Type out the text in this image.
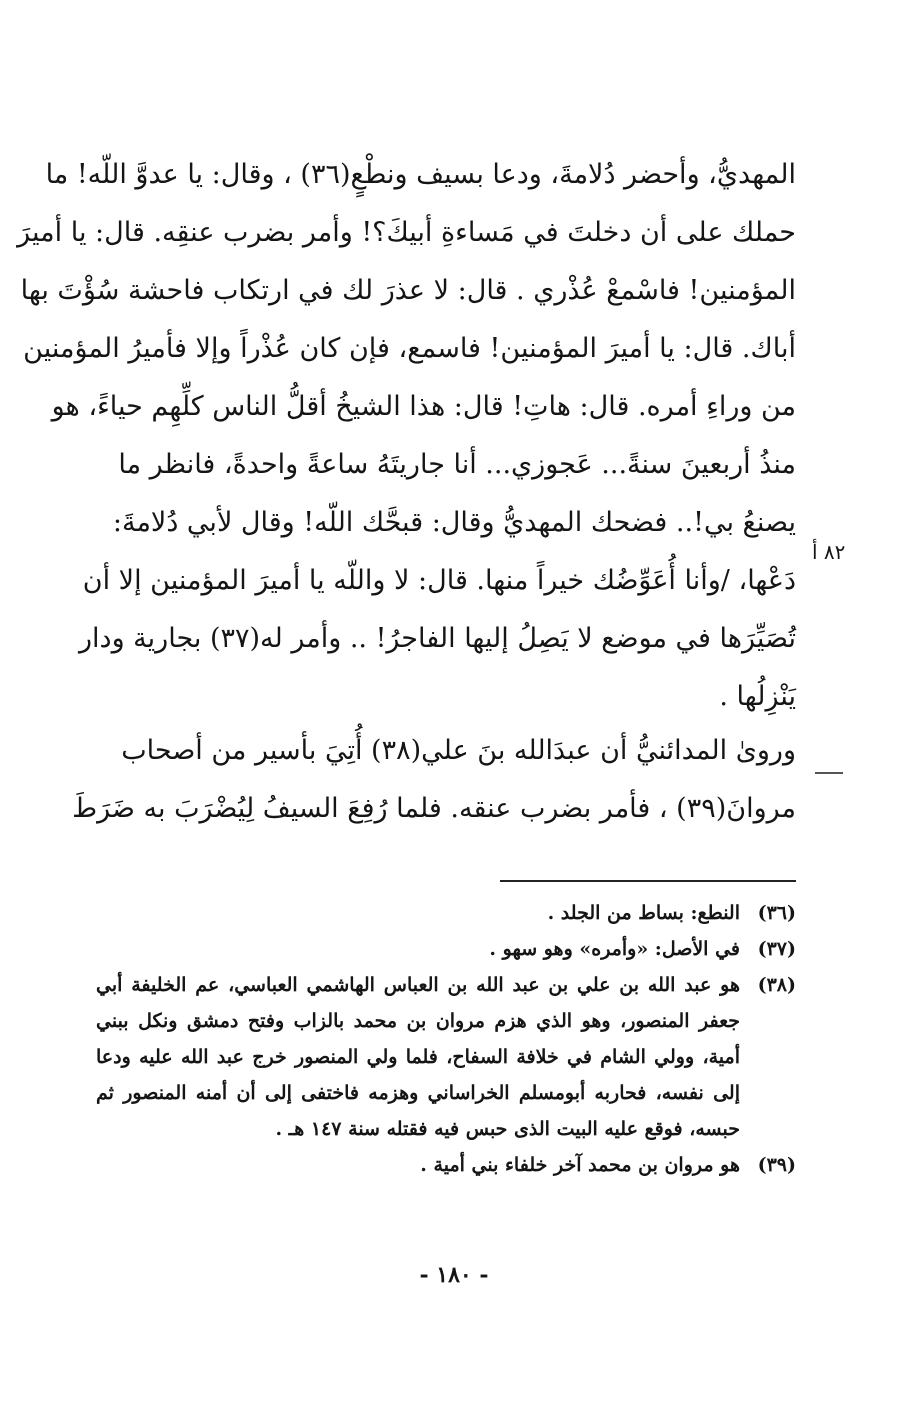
المهديُّ، وأحضر دُلامةَ، ودعا بسيف ونطْعٍ(٣٦) ، وقال: يا عدوَّ اللّه! ما
حملك على أن دخلتَ في مَساءةِ أبيكَ؟! وأمر بضرب عنقِه. قال: يا أميرَ
المؤمنين! فاسْمعْ عُذْري . قال: لا عذرَ لك في ارتكاب فاحشة سُؤْتَ بها
أباك. قال: يا أميرَ المؤمنين! فاسمع، فإن كان عُذْراً وإلا فأميرُ المؤمنين
من وراءِ أمره. قال: هاتِ! قال: هذا الشيخُ أقلُّ الناس كلِّهِم حياءً، هو
منذُ أربعينَ سنةً... عَجوزي... أنا جاريتَهُ ساعةً واحدةً، فانظر ما
يصنعُ بي!.. فضحك المهديُّ وقال: قبحَّك اللّه! وقال لأبي دُلامةَ:
دَعْها، /وأنا أُعَوِّضُك خيراً منها. قال: لا واللّه يا أميرَ المؤمنين إلا أن
تُصَيِّرَها في موضع لا يَصِلُ إليها الفاجرُ! .. وأمر له(٣٧) بجارية ودار
يَنْزِلُها .
٨٢ أ
وروىٰ المدائنيُّ أن عبدَالله بنَ علي(٣٨) أُتِيَ بأسير من أصحاب
مروانَ(٣٩) ، فأمر بضرب عنقه. فلما رُفِعَ السيفُ لِيُضْرَبَ به ضَرَطَ
(٣٦)
النطع: بساط من الجلد .
(٣٧)
في الأصل: «وأمره» وهو سهو .
(٣٨)
هو عبد الله بن علي بن عبد الله بن العباس الهاشمي العباسي، عم الخليفة أبي جعفر المنصور، وهو الذي هزم مروان بن محمد بالزاب وفتح دمشق ونكل ببني أمية، وولي الشام في خلافة السفاح، فلما ولي المنصور خرج عبد الله عليه ودعا إلى نفسه، فحاربه أبومسلم الخراساني وهزمه فاختفى إلى أن أمنه المنصور ثم حبسه، فوقع عليه البيت الذى حبس فيه فقتله سنة ١٤٧ هـ .
(٣٩)
هو مروان بن محمد آخر خلفاء بني أمية .
- ١٨٠ -
